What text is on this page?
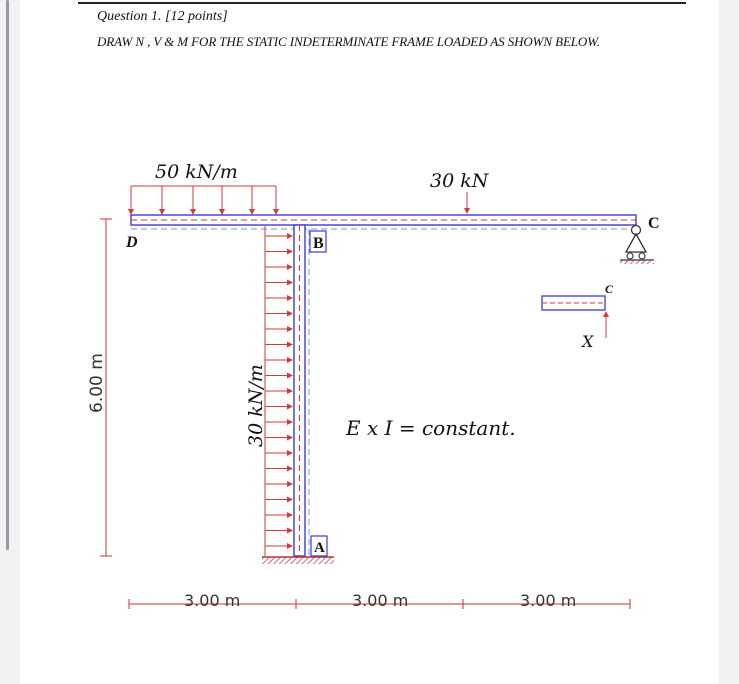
Question 1. [12 points]
DRAW N , V & M FOR THE STATIC INDETERMINATE FRAME LOADED AS SHOWN BELOW.
50 kN/m	30 kN
30 kN/m
D	B
C
A
C
X
E x I = constant.
6.00 m
3.00 m	3.00 m	3.00 m
